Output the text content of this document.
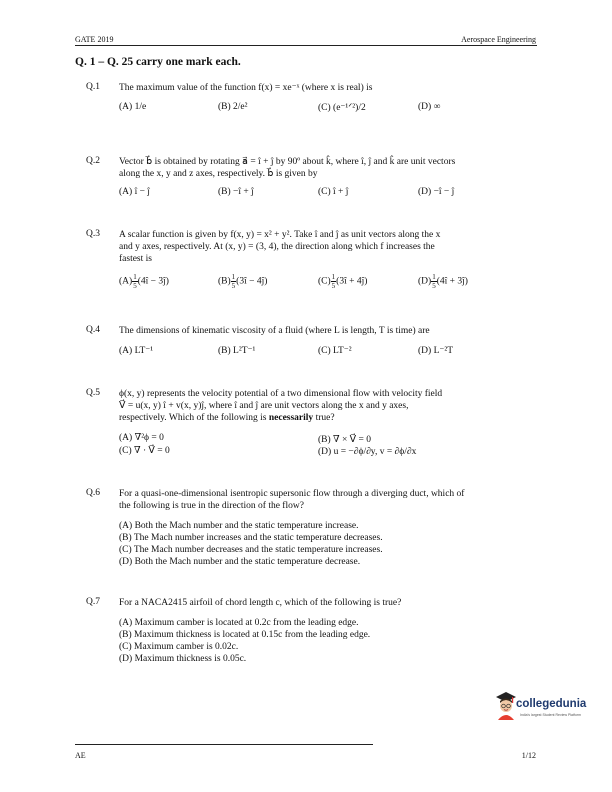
GATE 2019	Aerospace Engineering
Q. 1 – Q. 25 carry one mark each.
Q.1 The maximum value of the function f(x) = xe⁻ˣ (where x is real) is
(A) 1/e	(B) 2/e²	(C) (e⁻¹ᐟ²)/2	(D) ∞
Q.2 Vector b⃗ is obtained by rotating a⃗ = î + ĵ by 90º about k̂, where î, ĵ and k̂ are unit vectors
along the x, y and z axes, respectively. b⃗ is given by
(A) î − ĵ	(B) −î + ĵ	(C) î + ĵ	(D) −î − ĵ
Q.3 A scalar function is given by f(x, y) = x² + y². Take î and ĵ as unit vectors along the x
and y axes, respectively. At (x, y) = (3, 4), the direction along which f increases the
fastest is
$(A) \frac{1}{5}$ (4î − 3ĵ)	$(B) \frac{1}{5}$ (3î − 4ĵ)	$(C) \frac{1}{5}$ (3î + 4ĵ)	$(D) \frac{1}{5}$ (4î + 3ĵ)
Q.4 The dimensions of kinematic viscosity of a fluid (where L is length, T is time) are
(A) LT⁻¹	(B) L²T⁻¹	(C) LT⁻²	(D) L⁻²T
Q.5 ϕ(x, y) represents the velocity potential of a two dimensional flow with velocity field
V⃗ = u(x, y) î + v(x, y)ĵ, where î and ĵ are unit vectors along the x and y axes,
respectively. Which of the following is necessarily true?
(A) ∇²ϕ = 0	(B) ∇ × V⃗ = 0
(C) ∇ · V⃗ = 0	(D) u = −∂ϕ/∂y, v = ∂ϕ/∂x
Q.6 For a quasi-one-dimensional isentropic supersonic flow through a diverging duct, which of
the following is true in the direction of the flow?
(A) Both the Mach number and the static temperature increase.
(B) The Mach number increases and the static temperature decreases.
(C) The Mach number decreases and the static temperature increases.
(D) Both the Mach number and the static temperature decrease.
Q.7 For a NACA2415 airfoil of chord length c, which of the following is true?
(A) Maximum camber is located at 0.2c from the leading edge.
(B) Maximum thickness is located at 0.15c from the leading edge.
(C) Maximum camber is 0.02c.
(D) Maximum thickness is 0.05c.
collegedunia
India's largest Student Review Platform
AE	1/12
